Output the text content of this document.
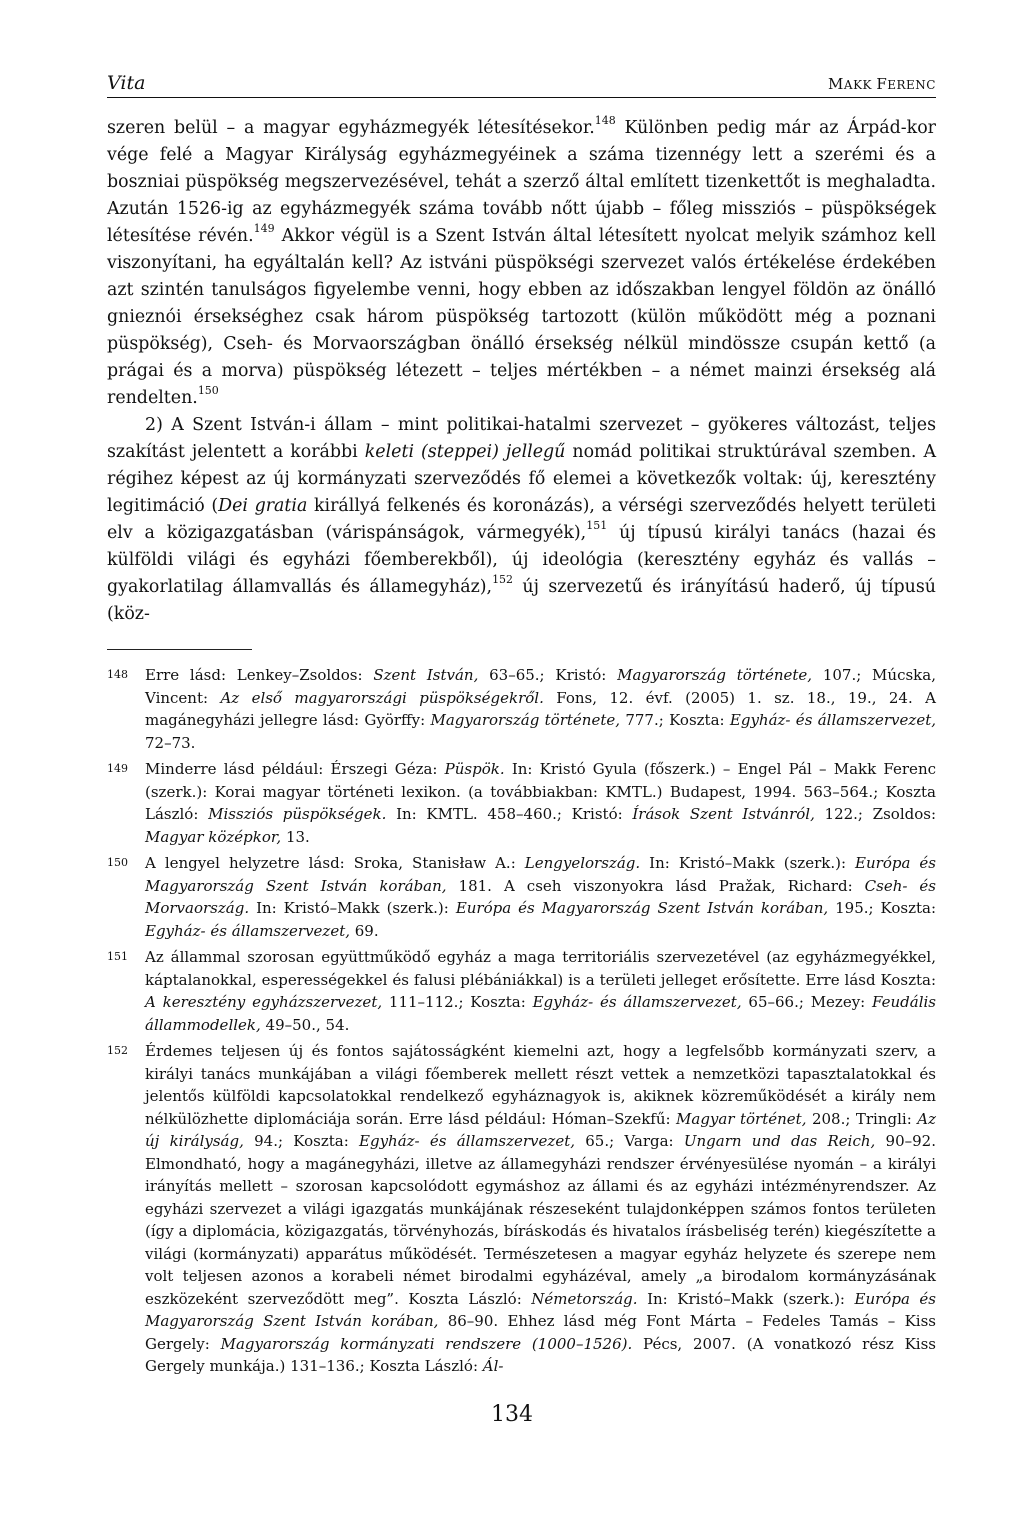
Vita	MAKK FERENC

szeren belül – a magyar egyházmegyék létesítésekor.$^{148}$ Különben pedig már az Árpád-kor vége felé a Magyar Királyság egyházmegyéinek a száma tizennégy lett a szerémi és a boszniai püspökség megszervezésével, tehát a szerző által említett tizenkettőt is meghaladta. Azután 1526-ig az egyházmegyék száma tovább nőtt újabb – főleg missziós – püspökségek létesítése révén.$^{149}$ Akkor végül is a Szent István által létesített nyolcat melyik számhoz kell viszonyítani, ha egyáltalán kell? Az istváni püspökségi szervezet valós értékelése érdekében azt szintén tanulságos figyelembe venni, hogy ebben az időszakban lengyel földön az önálló gnieznói érsekséghez csak három püspökség tartozott (külön működött még a poznani püspökség), Cseh- és Morvaországban önálló érsekség nélkül mindössze csupán kettő (a prágai és a morva) püspökség létezett – teljes mértékben – a német mainzi érsekség alá rendelten.$^{150}$

2) A Szent István-i állam – mint politikai-hatalmi szervezet – gyökeres változást, teljes szakítást jelentett a korábbi keleti (steppei) jellegű nomád politikai struktúrával szemben. A régihez képest az új kormányzati szerveződés fő elemei a következők voltak: új, keresztény legitimáció (Dei gratia királlyá felkenés és koronázás), a vérségi szerveződés helyett területi elv a közigazgatásban (várispánságok, vármegyék),$^{151}$ új típusú királyi tanács (hazai és külföldi világi és egyházi főemberekből), új ideológia (keresztény egyház és vallás – gyakorlatilag államvallás és államegyház),$^{152}$ új szervezetű és irányítású haderő, új típusú (köz-

148	Erre lásd: Lenkey–Zsoldos: Szent István, 63–65.; Kristó: Magyarország története, 107.; Múcska, Vincent: Az első magyarországi püspökségekről. Fons, 12. évf. (2005) 1. sz. 18., 19., 24. A magánegyházi jellegre lásd: Györffy: Magyarország története, 777.; Koszta: Egyház- és államszervezet, 72–73.
149	Minderre lásd például: Érszegi Géza: Püspök. In: Kristó Gyula (főszerk.) – Engel Pál – Makk Ferenc (szerk.): Korai magyar történeti lexikon. (a továbbiakban: KMTL.) Budapest, 1994. 563–564.; Koszta László: Missziós püspökségek. In: KMTL. 458–460.; Kristó: Írások Szent Istvánról, 122.; Zsoldos: Magyar középkor, 13.
150	A lengyel helyzetre lásd: Sroka, Stanisław A.: Lengyelország. In: Kristó–Makk (szerk.): Európa és Magyarország Szent István korában, 181. A cseh viszonyokra lásd Pražak, Richard: Cseh- és Morvaország. In: Kristó–Makk (szerk.): Európa és Magyarország Szent István korában, 195.; Koszta: Egyház- és államszervezet, 69.
151	Az állammal szorosan együttműködő egyház a maga territoriális szervezetével (az egyházmegyékkel, káptalanokkal, esperességekkel és falusi plébániákkal) is a területi jelleget erősítette. Erre lásd Koszta: A keresztény egyházszervezet, 111–112.; Koszta: Egyház- és államszervezet, 65–66.; Mezey: Feudális állammodellek, 49–50., 54.
152	Érdemes teljesen új és fontos sajátosságként kiemelni azt, hogy a legfelsőbb kormányzati szerv, a királyi tanács munkájában a világi főemberek mellett részt vettek a nemzetközi tapasztalatokkal és jelentős külföldi kapcsolatokkal rendelkező egyháznagyok is, akiknek közreműködését a király nem nélkülözhette diplomáciája során. Erre lásd például: Hóman–Szekfű: Magyar történet, 208.; Tringli: Az új királyság, 94.; Koszta: Egyház- és államszervezet, 65.; Varga: Ungarn und das Reich, 90–92. Elmondható, hogy a magánegyházi, illetve az államegyházi rendszer érvényesülése nyomán – a királyi irányítás mellett – szorosan kapcsolódott egymáshoz az állami és az egyházi intézményrendszer. Az egyházi szervezet a világi igazgatás munkájának részeseként tulajdonképpen számos fontos területen (így a diplomácia, közigazgatás, törvényhozás, bíráskodás és hivatalos írásbeliség terén) kiegészítette a világi (kormányzati) apparátus működését. Természetesen a magyar egyház helyzete és szerepe nem volt teljesen azonos a korabeli német birodalmi egyházéval, amely „a birodalom kormányzásának eszközeként szerveződött meg”. Koszta László: Németország. In: Kristó–Makk (szerk.): Európa és Magyarország Szent István korában, 86–90. Ehhez lásd még Font Márta – Fedeles Tamás – Kiss Gergely: Magyarország kormányzati rendszere (1000–1526). Pécs, 2007. (A vonatkozó rész Kiss Gergely munkája.) 131–136.; Koszta László: Ál-
134
